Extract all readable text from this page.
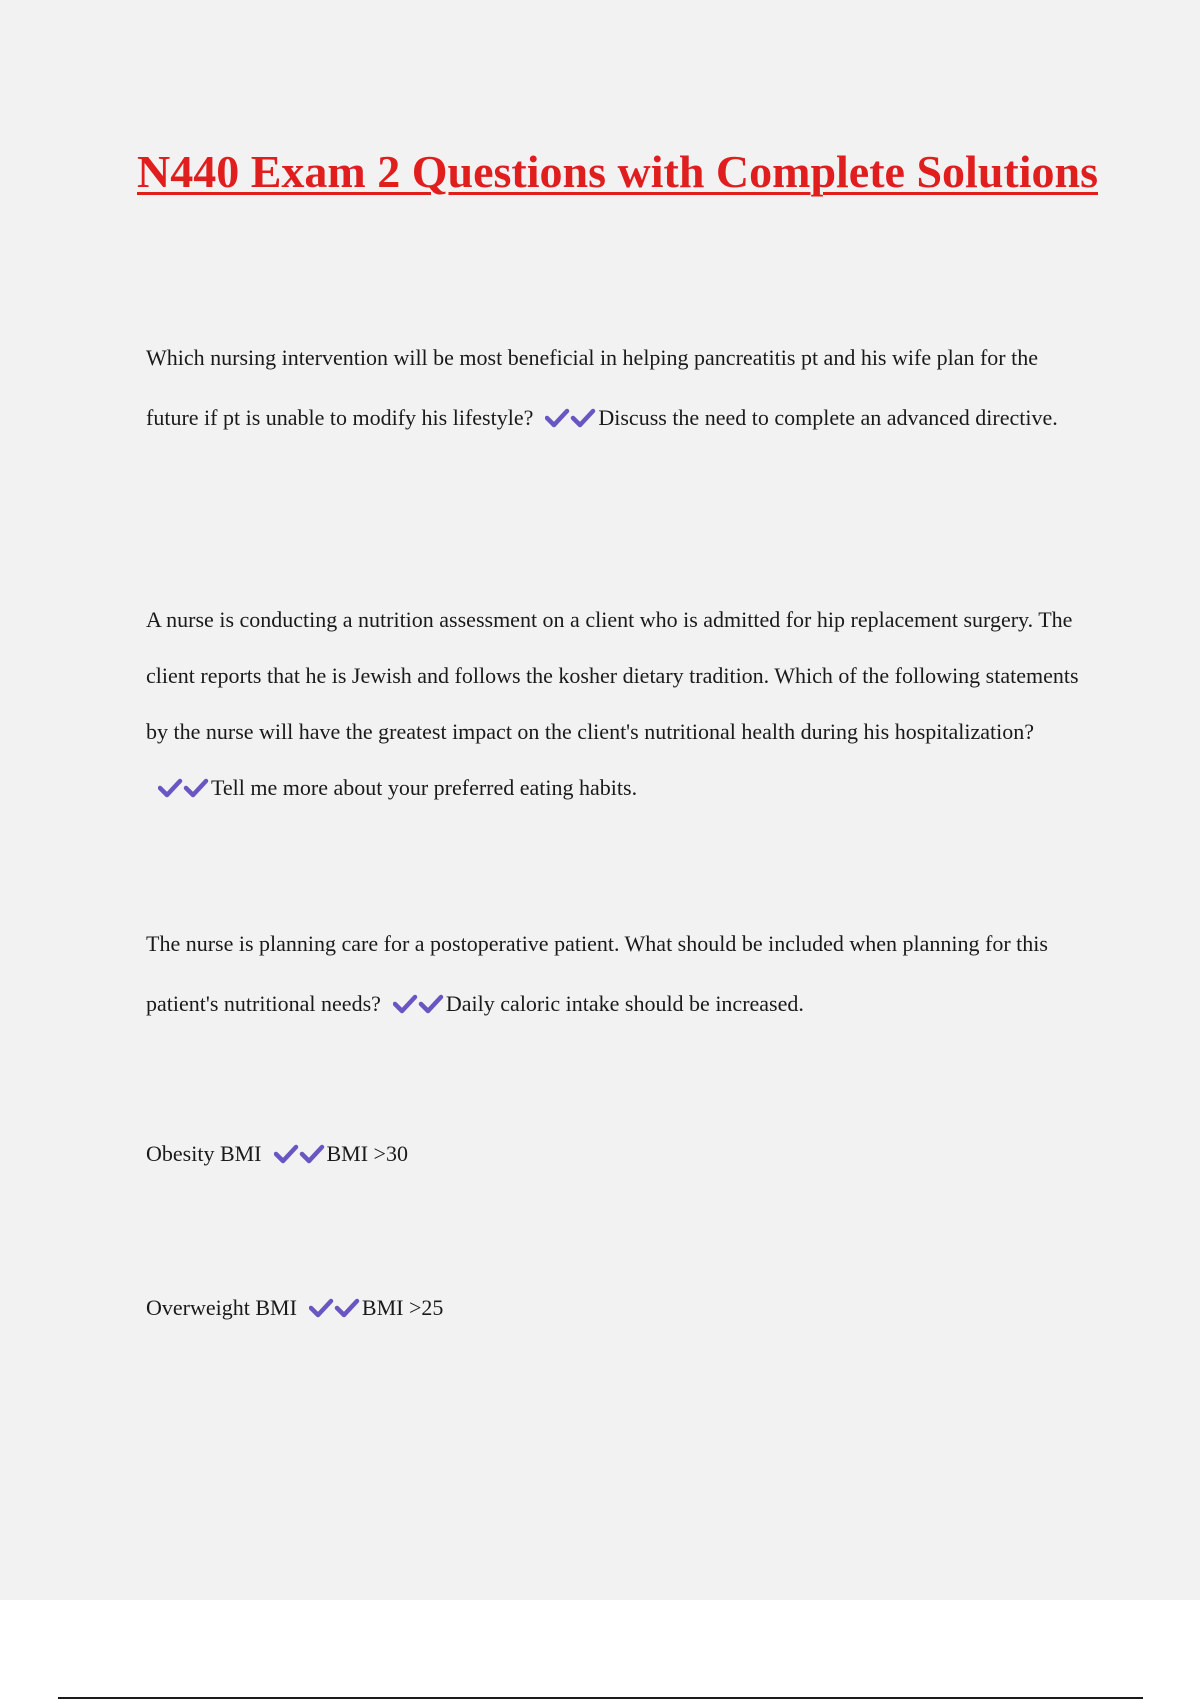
N440 Exam 2 Questions with Complete Solutions

Which nursing intervention will be most beneficial in helping pancreatitis pt and his wife plan for the future if pt is unable to modify his lifestyle?	Discuss the need to complete an advanced directive.

A nurse is conducting a nutrition assessment on a client who is admitted for hip replacement surgery. The client reports that he is Jewish and follows the kosher dietary tradition. Which of the following statements by the nurse will have the greatest impact on the client's nutritional health during his hospitalization?
Tell me more about your preferred eating habits.

The nurse is planning care for a postoperative patient. What should be included when planning for this patient's nutritional needs?	Daily caloric intake should be increased.

Obesity BMI	BMI >30

Overweight BMI	BMI >25
